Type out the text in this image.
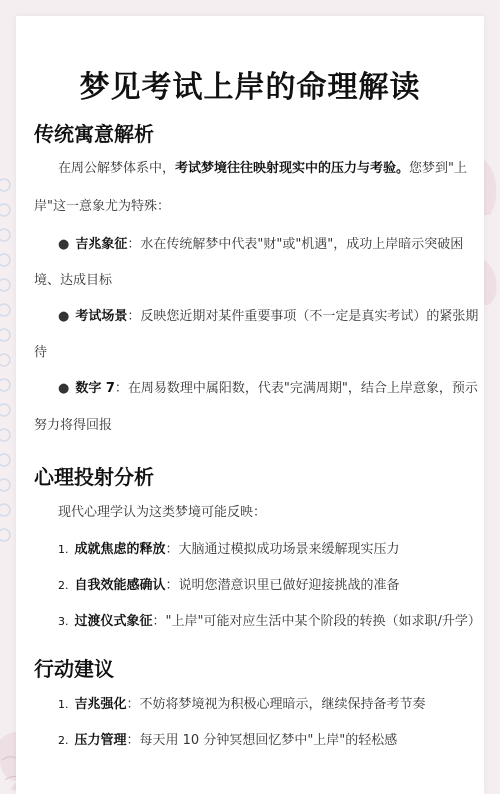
梦见考试上岸的命理解读
传统寓意解析
在周公解梦体系中，考试梦境往往映射现实中的压力与考验。您梦到"上
岸"这一意象尤为特殊：
● 吉兆象征：水在传统解梦中代表"财"或"机遇"，成功上岸暗示突破困
境、达成目标
● 考试场景：反映您近期对某件重要事项（不一定是真实考试）的紧张期
待
● 数字 7：在周易数理中属阳数，代表"完满周期"，结合上岸意象，预示
努力将得回报
心理投射分析
现代心理学认为这类梦境可能反映：
1. 成就焦虑的释放：大脑通过模拟成功场景来缓解现实压力
2. 自我效能感确认：说明您潜意识里已做好迎接挑战的准备
3. 过渡仪式象征："上岸"可能对应生活中某个阶段的转换（如求职/升学）
行动建议
1. 吉兆强化：不妨将梦境视为积极心理暗示，继续保持备考节奏
2. 压力管理：每天用 10 分钟冥想回忆梦中"上岸"的轻松感
